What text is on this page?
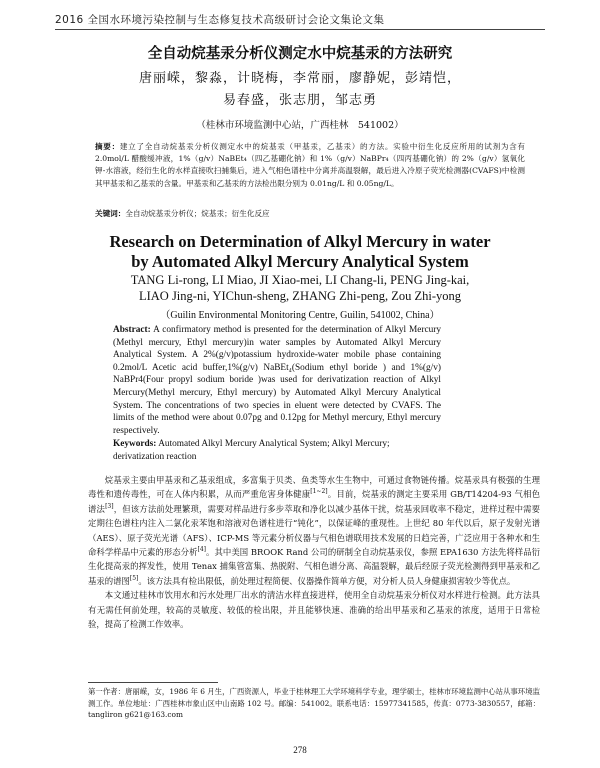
2016 全国水环境污染控制与生态修复技术高级研讨会论文集论文集
全自动烷基汞分析仪测定水中烷基汞的方法研究
唐丽嵘，黎淼，计晓梅，李常丽，廖静妮，彭靖恺，
易春盛，张志朋，邹志勇
（桂林市环境监测中心站，广西桂林　541002）
摘要：建立了全自动烷基汞分析仪测定水中的烷基汞（甲基汞，乙基汞）的方法。实验中衍生化反应所用的试剂为含有 2.0mol/L 醋酸缓冲液，1%（g/v）NaBEt₄（四乙基硼化钠）和 1%（g/v）NaBPr₄（四丙基硼化钠）的 2%（g/v）氢氧化钾-水溶液，经衍生化的水样直接吹扫捕集后，进入气相色谱柱中分离并高温裂解，最后进入冷原子荧光检测器(CVAFS)中检测其甲基汞和乙基汞的含量。甲基汞和乙基汞的方法检出限分别为 0.01ng/L 和 0.05ng/L。
关键词：全自动烷基汞分析仪；烷基汞；衍生化反应
Research on Determination of Alkyl Mercury in water
by Automated Alkyl Mercury Analytical System
TANG Li-rong, LI Miao, JI Xiao-mei, LI Chang-li, PENG Jing-kai,
LIAO Jing-ni, YIChun-sheng, ZHANG Zhi-peng, Zou Zhi-yong
（Guilin Environmental Monitoring Centre, Guilin, 541002, China）
Abstract: A confirmatory method is presented for the determination of Alkyl Mercury (Methyl mercury, Ethyl mercury)in water samples by Automated Alkyl Mercury Analytical System. A 2%(g/v)potassium hydroxide-water mobile phase containing 0.2mol/L Acetic acid buffer,1%(g/v) NaBEt₄(Sodium ethyl boride ) and 1%(g/v) NaBPr4(Four propyl sodium boride )was used for derivatization reaction of Alkyl Mercury(Methyl mercury, Ethyl mercury) by Automated Alkyl Mercury Analytical System. The concentrations of two species in eluent were detected by CVAFS. The limits of the method were about 0.07pg and 0.12pg for Methyl mercury, Ethyl mercury respectively.
Keywords: Automated Alkyl Mercury Analytical System; Alkyl Mercury; derivatization reaction

烷基汞主要由甲基汞和乙基汞组成，多富集于贝类、鱼类等水生生物中，可通过食物链传播。烷基汞具有极强的生理毒性和遗传毒性，可在人体内积累，从而严重危害身体健康[1~2]。目前，烷基汞的测定主要采用 GB/T14204-93 气相色谱法[3]，但该方法前处理繁琐，需要对样品进行多步萃取和净化以减少基体干扰，烷基汞回收率不稳定，进样过程中需要定期往色谱柱内注入二氯化汞苯饱和溶液对色谱柱进行“钝化”，以保证峰的重现性。上世纪 80 年代以后，原子发射光谱（AES）、原子荧光光谱（AFS）、ICP-MS 等元素分析仪器与气相色谱联用技术发展的日趋完善，广泛应用于各种水和生命科学样品中元素的形态分析[4]。其中美国 BROOK Rand 公司的研制全自动烷基汞仪，参照 EPA1630 方法先将样品衍生化提高汞的挥发性，使用 Tenax 捕集管富集、热脱附、气相色谱分离、高温裂解，最后经原子荧光检测得到甲基汞和乙基汞的谱图[5]。该方法具有检出限低，前处理过程简便、仪器操作简单方便，对分析人员人身健康损害较少等优点。

本文通过桂林市饮用水和污水处理厂出水的清洁水样直接进样，使用全自动烷基汞分析仪对水样进行检测。此方法具有无需任何前处理，较高的灵敏度、较低的检出限，并且能够快速、准确的给出甲基汞和乙基汞的浓度，适用于日常检验，提高了检测工作效率。

第一作者：唐丽嵘，女，1986 年 6 月生，广西资源人，毕业于桂林理工大学环境科学专业，理学硕士，桂林市环境监测中心站从事环境监测工作。单位地址：广西桂林市象山区中山南路 102 号。邮编：541002。联系电话：15977341585，传真：0773-3830557，邮箱：tangliron g621@163.com
278
